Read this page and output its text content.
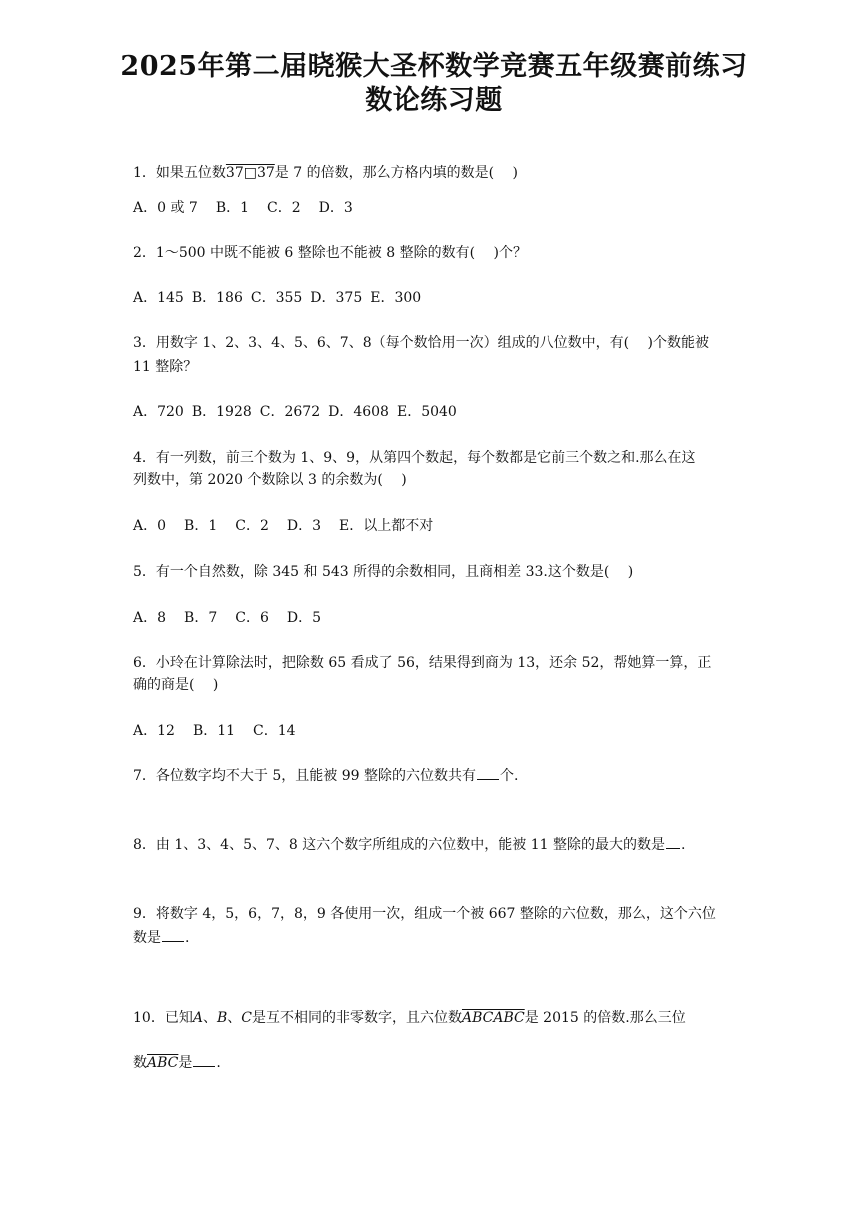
2025年第二届晓猴大圣杯数学竞赛五年级赛前练习
数论练习题
1．如果五位数37□37是 7 的倍数，那么方格内填的数是(　 )
A．0 或 7 B．1 C．2 D．3
2．1～500 中既不能被 6 整除也不能被 8 整除的数有(　 )个？
A．145 B．186 C．355 D．375 E．300
3．用数字 1、2、3、4、5、6、7、8（每个数恰用一次）组成的八位数中，有(　 )个数能被
11 整除？
A．720 B．1928 C．2672 D．4608 E．5040
4．有一列数，前三个数为 1、9、9，从第四个数起，每个数都是它前三个数之和.那么在这
列数中，第 2020 个数除以 3 的余数为(　 )
A．0 B．1 C．2 D．3 E．以上都不对
5．有一个自然数，除 345 和 543 所得的余数相同，且商相差 33.这个数是(　 )
A．8 B．7 C．6 D．5
6．小玲在计算除法时，把除数 65 看成了 56，结果得到商为 13，还余 52，帮她算一算，正
确的商是(　 )
A．12 B．11 C．14
7．各位数字均不大于 5，且能被 99 整除的六位数共有 个.
8．由 1、3、4、5、7、8 这六个数字所组成的六位数中，能被 11 整除的最大的数是 .
9．将数字 4，5，6，7，8，9 各使用一次，组成一个被 667 整除的六位数，那么，这个六位
数是 .
10．已知A、B、C是互不相同的非零数字，且六位数ABCABC是 2015 的倍数.那么三位
数$\overline{ABC}$是 .
